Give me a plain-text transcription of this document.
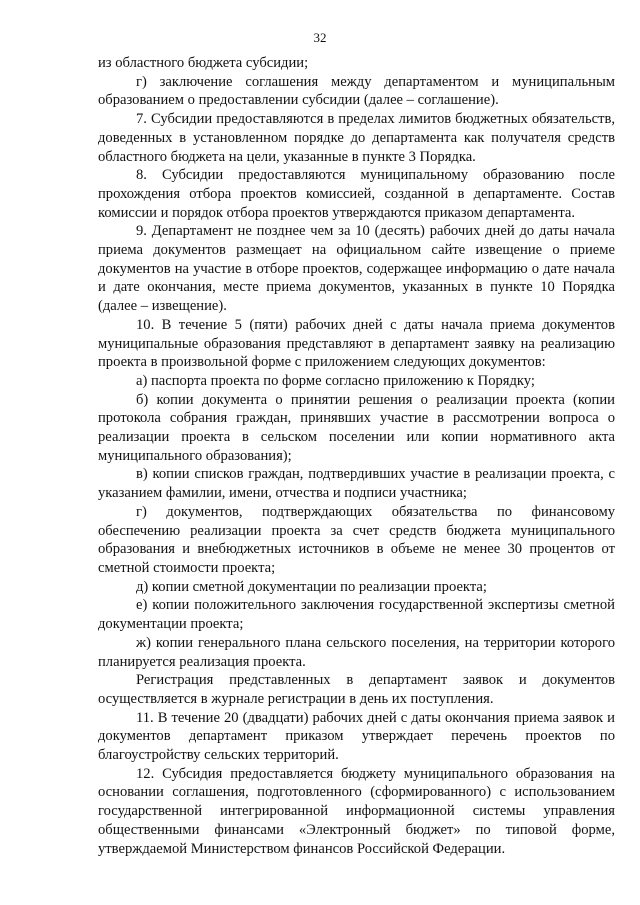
32

из областного бюджета субсидии;

г) заключение соглашения между департаментом и муниципальным образованием о предоставлении субсидии (далее – соглашение).

7. Субсидии предоставляются в пределах лимитов бюджетных обязательств, доведенных в установленном порядке до департамента как получателя средств областного бюджета на цели, указанные в пункте 3 Порядка.

8. Субсидии предоставляются муниципальному образованию после прохождения отбора проектов комиссией, созданной в департаменте. Состав комиссии и порядок отбора проектов утверждаются приказом департамента.

9. Департамент не позднее чем за 10 (десять) рабочих дней до даты начала приема документов размещает на официальном сайте извещение о приеме документов на участие в отборе проектов, содержащее информацию о дате начала и дате окончания, месте приема документов, указанных в пункте 10 Порядка (далее – извещение).

10. В течение 5 (пяти) рабочих дней с даты начала приема документов муниципальные образования представляют в департамент заявку на реализацию проекта в произвольной форме с приложением следующих документов:

а) паспорта проекта по форме согласно приложению к Порядку;

б) копии документа о принятии решения о реализации проекта (копии протокола собрания граждан, принявших участие в рассмотрении вопроса о реализации проекта в сельском поселении или копии нормативного акта муниципального образования);

в) копии списков граждан, подтвердивших участие в реализации проекта, с указанием фамилии, имени, отчества и подписи участника;

г) документов, подтверждающих обязательства по финансовому обеспечению реализации проекта за счет средств бюджета муниципального образования и внебюджетных источников в объеме не менее 30 процентов от сметной стоимости проекта;

д) копии сметной документации по реализации проекта;

е) копии положительного заключения государственной экспертизы сметной документации проекта;

ж) копии генерального плана сельского поселения, на территории которого планируется реализация проекта.

Регистрация представленных в департамент заявок и документов осуществляется в журнале регистрации в день их поступления.

11. В течение 20 (двадцати) рабочих дней с даты окончания приема заявок и документов департамент приказом утверждает перечень проектов по благоустройству сельских территорий.

12. Субсидия предоставляется бюджету муниципального образования на основании соглашения, подготовленного (сформированного) с использованием государственной интегрированной информационной системы управления общественными финансами «Электронный бюджет» по типовой форме, утверждаемой Министерством финансов Российской Федерации.
